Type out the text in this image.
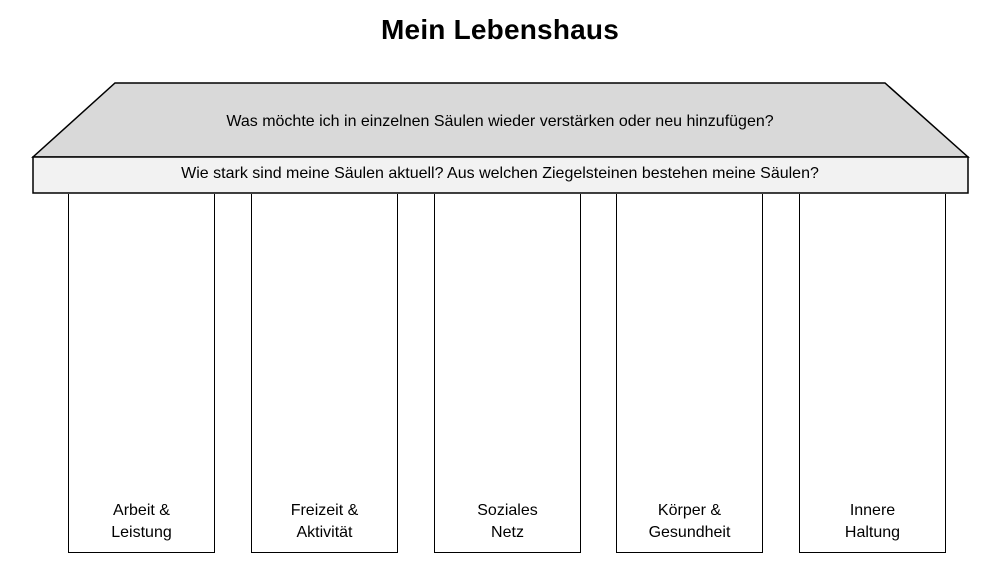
Mein Lebenshaus
Was möchte ich in einzelnen Säulen wieder verstärken oder neu hinzufügen?
Wie stark sind meine Säulen aktuell? Aus welchen Ziegelsteinen bestehen meine Säulen?
Arbeit &
Leistung
Freizeit &
Aktivität
Soziales
Netz
Körper &
Gesundheit
Innere
Haltung
